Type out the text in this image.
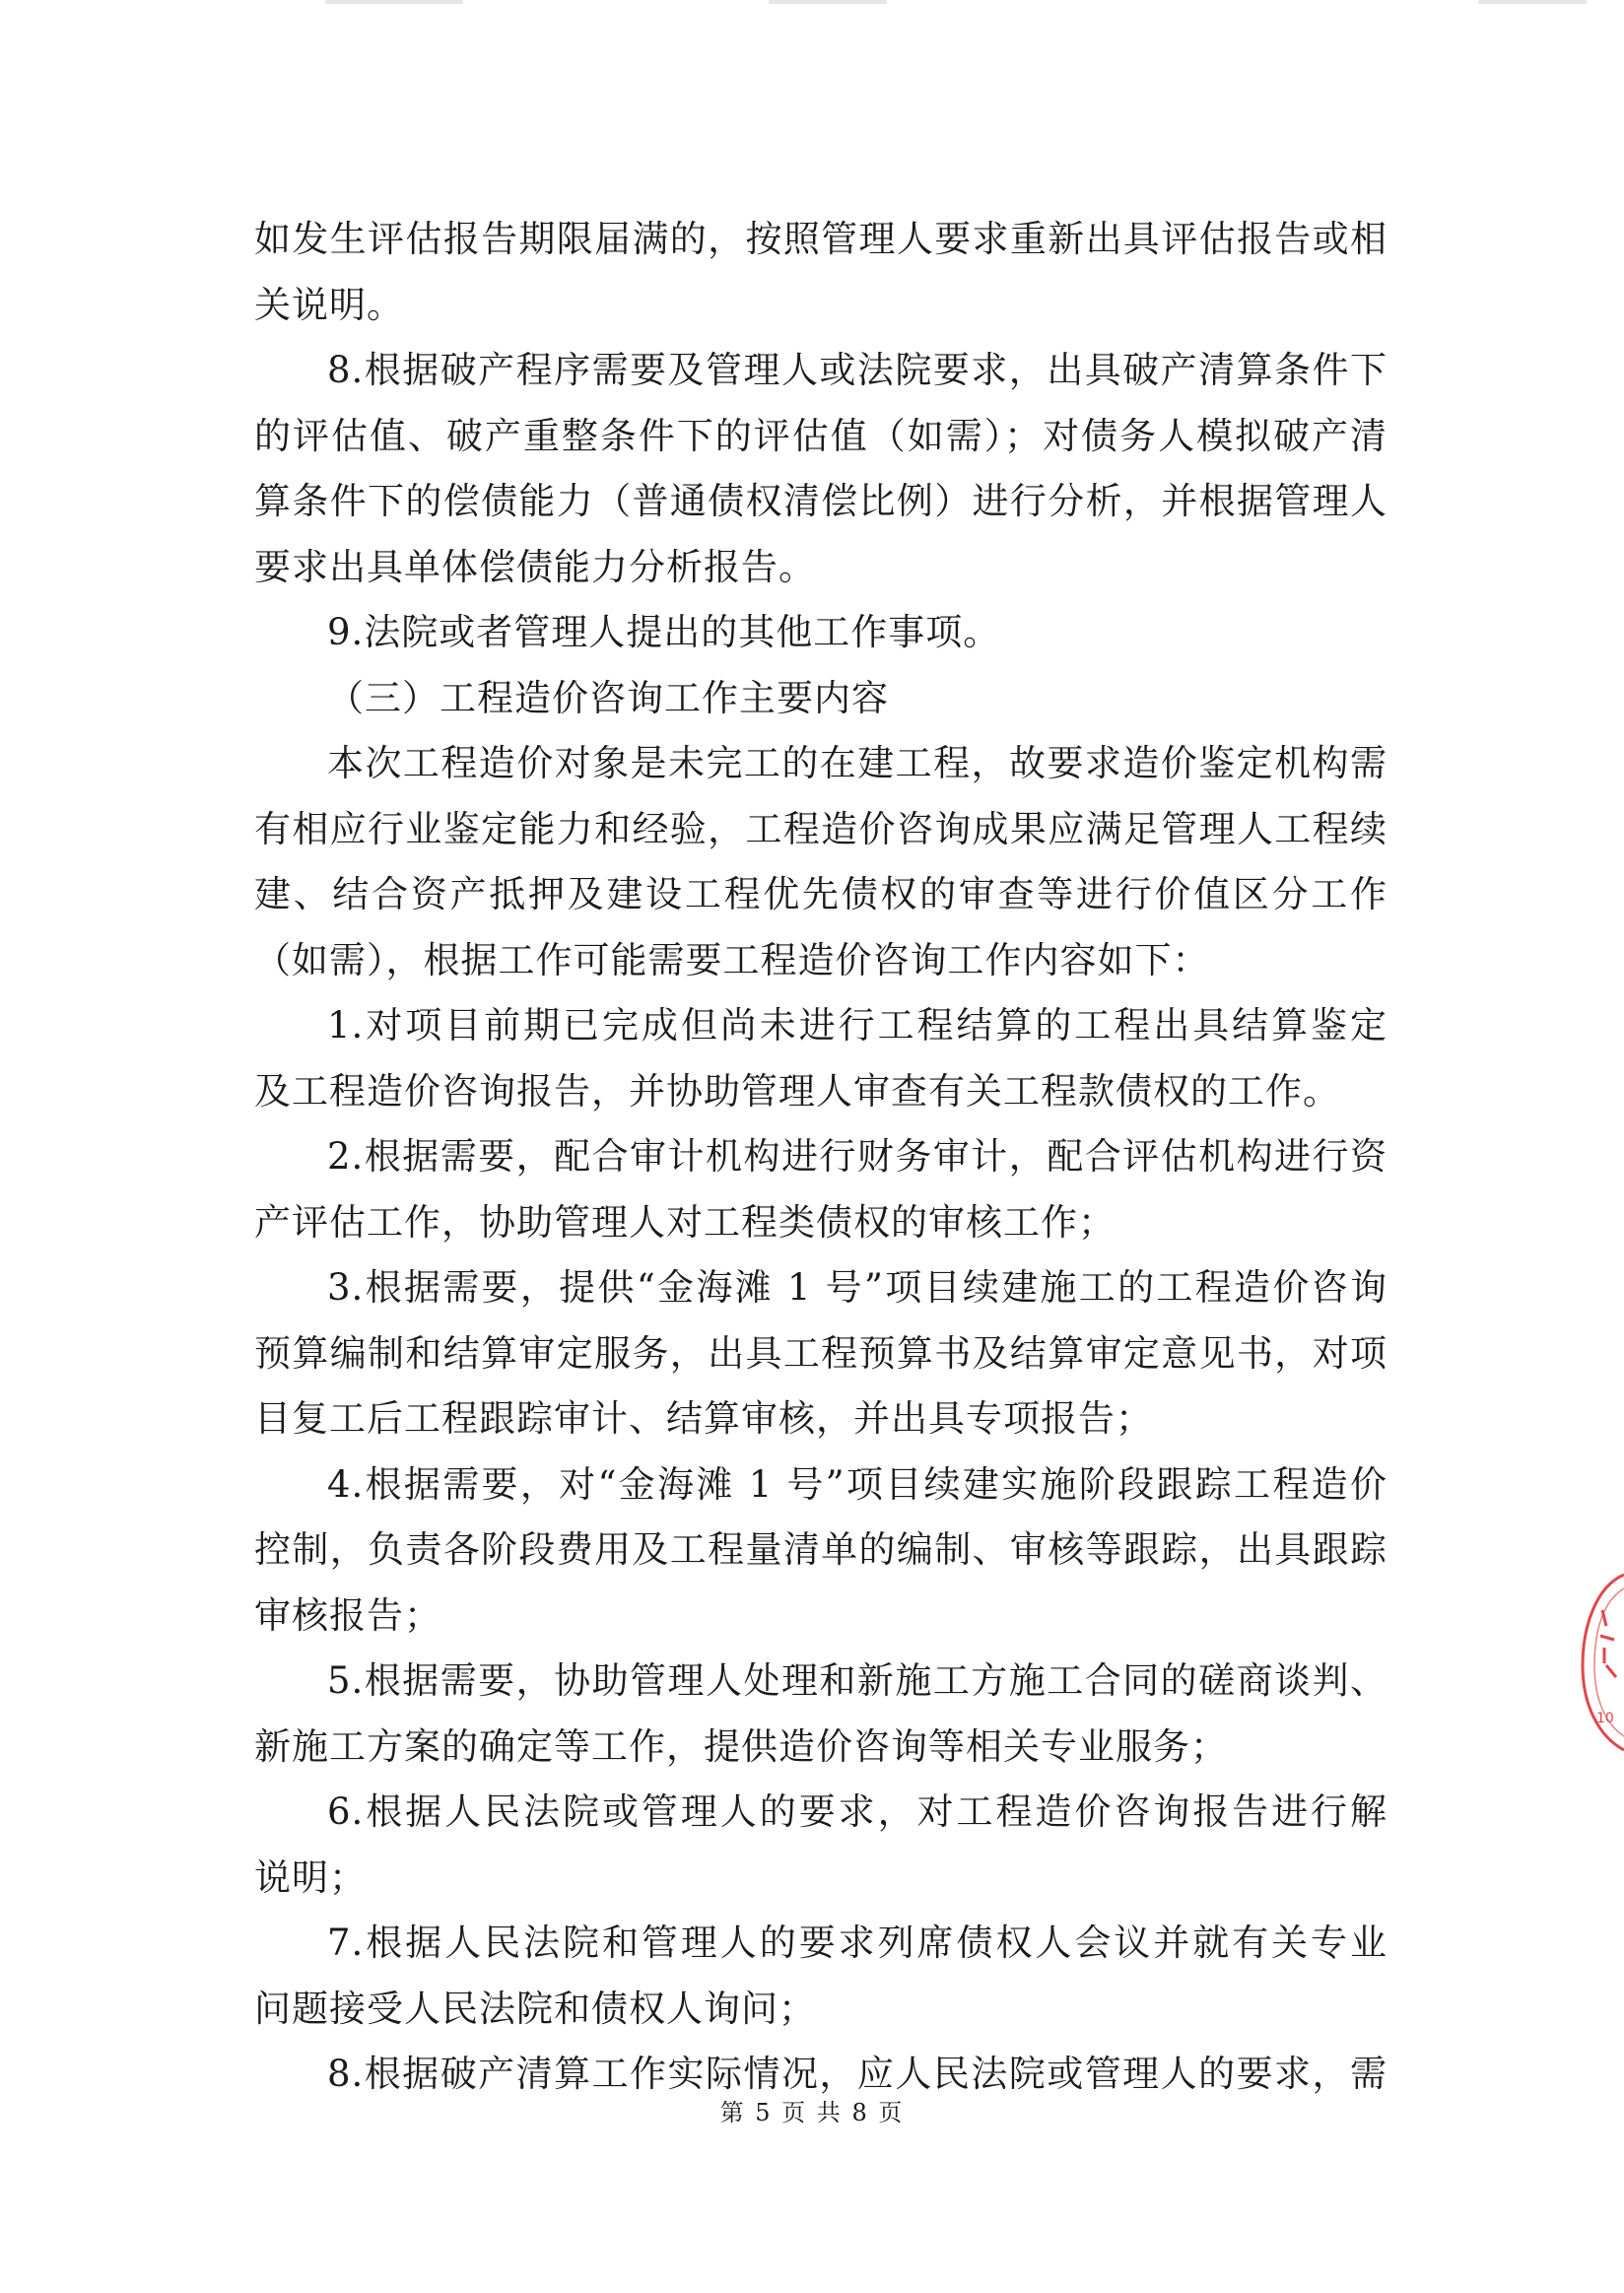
如发生评估报告期限届满的，按照管理人要求重新出具评估报告或相
关说明。
8.根据破产程序需要及管理人或法院要求，出具破产清算条件下
的评估值、破产重整条件下的评估值（如需）；对债务人模拟破产清
算条件下的偿债能力（普通债权清偿比例）进行分析，并根据管理人
要求出具单体偿债能力分析报告。
9.法院或者管理人提出的其他工作事项。
（三）工程造价咨询工作主要内容
本次工程造价对象是未完工的在建工程，故要求造价鉴定机构需
有相应行业鉴定能力和经验，工程造价咨询成果应满足管理人工程续
建、结合资产抵押及建设工程优先债权的审查等进行价值区分工作
（如需），根据工作可能需要工程造价咨询工作内容如下：
1.对项目前期已完成但尚未进行工程结算的工程出具结算鉴定
及工程造价咨询报告，并协助管理人审查有关工程款债权的工作。
2.根据需要，配合审计机构进行财务审计，配合评估机构进行资
产评估工作，协助管理人对工程类债权的审核工作；
3.根据需要，提供“金海滩 1 号”项目续建施工的工程造价咨询
预算编制和结算审定服务，出具工程预算书及结算审定意见书，对项
目复工后工程跟踪审计、结算审核，并出具专项报告；
4.根据需要，对“金海滩 1 号”项目续建实施阶段跟踪工程造价
控制，负责各阶段费用及工程量清单的编制、审核等跟踪，出具跟踪
审核报告；
5.根据需要，协助管理人处理和新施工方施工合同的磋商谈判、
新施工方案的确定等工作，提供造价咨询等相关专业服务；
6.根据人民法院或管理人的要求，对工程造价咨询报告进行解
说明；
7.根据人民法院和管理人的要求列席债权人会议并就有关专业
问题接受人民法院和债权人询问；
8.根据破产清算工作实际情况，应人民法院或管理人的要求，需
第 5 页 共 8 页
10
